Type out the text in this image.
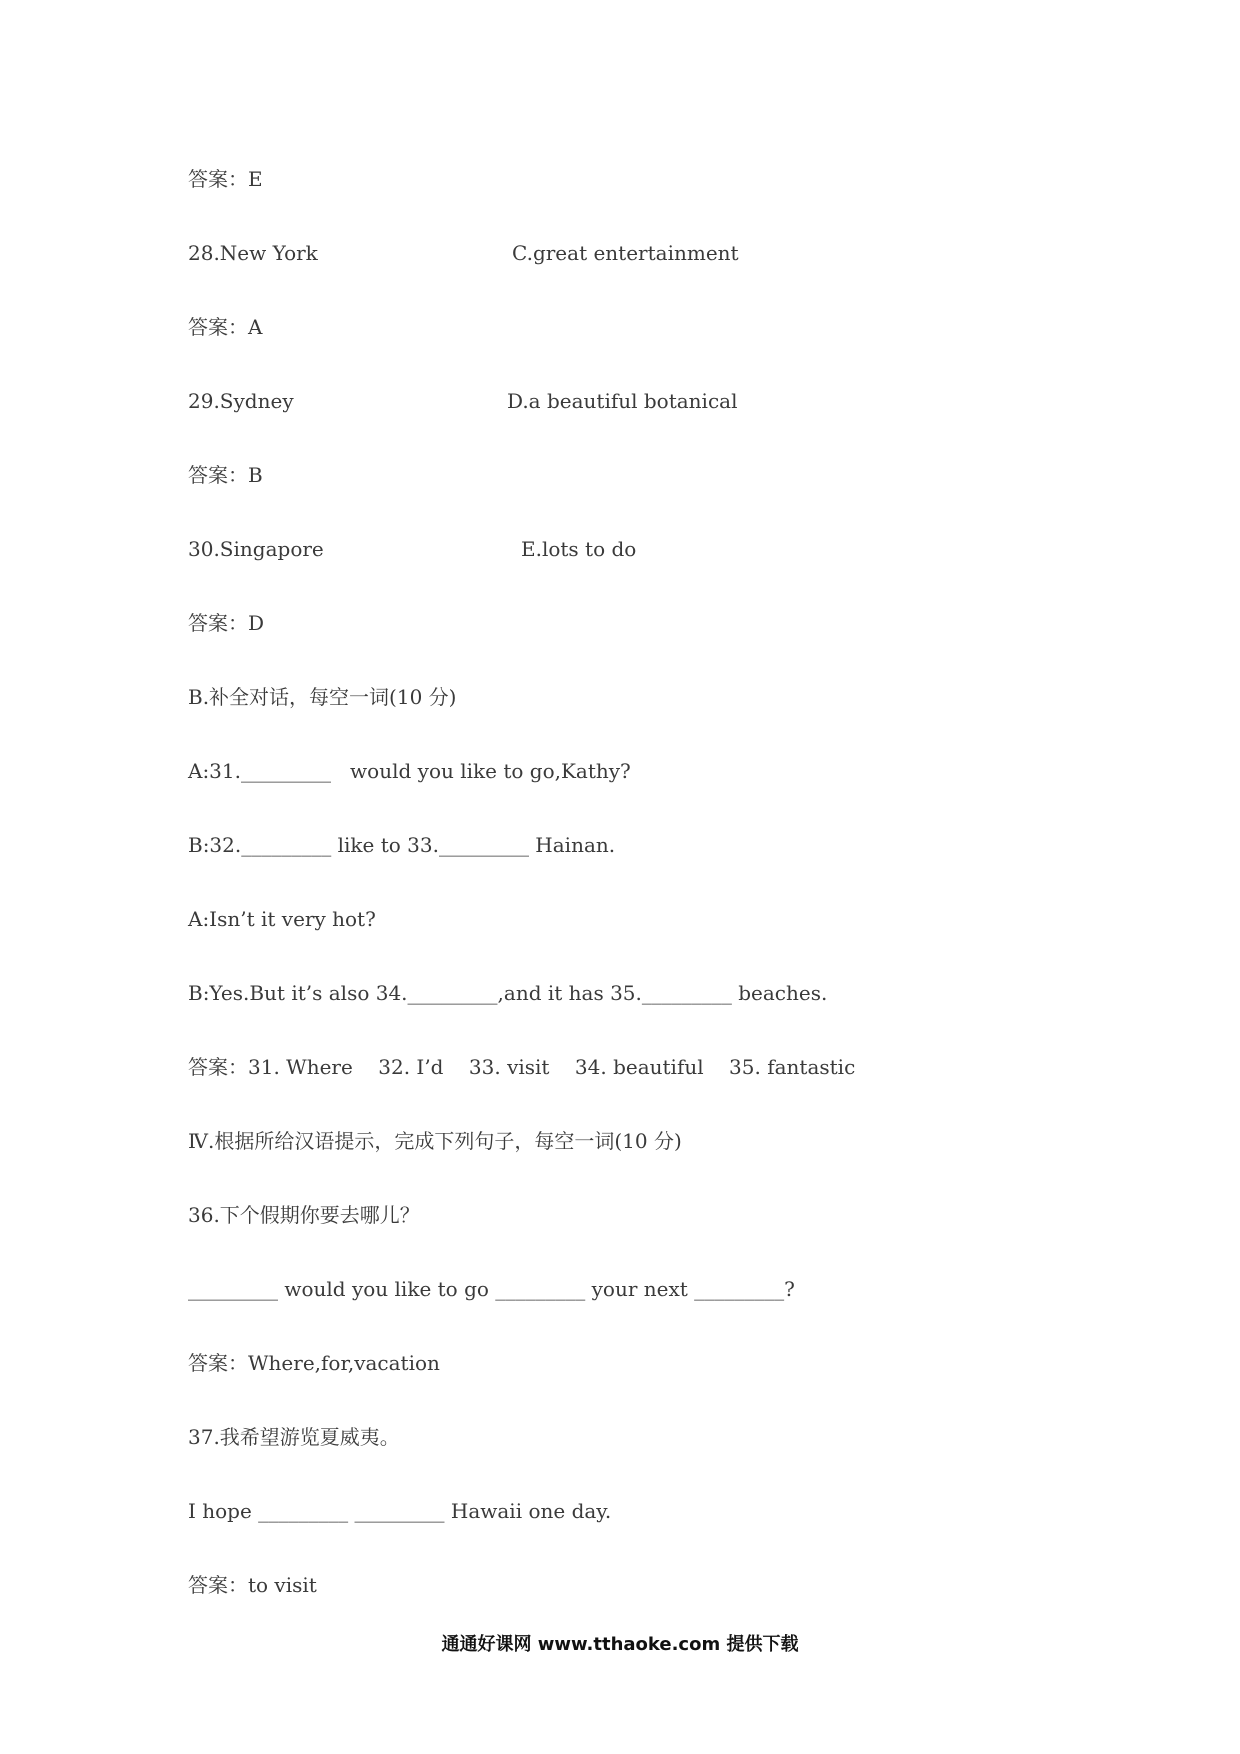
答案：E
28.New York	C.great entertainment
答案：A
29.Sydney	D.a beautiful botanical
答案：B
30.Singapore	E.lots to do
答案：D
B.补全对话，每空一词(10 分)
A:31._________   would you like to go,Kathy?
B:32._________ like to 33._________ Hainan.
A:Isn’t it very hot?
B:Yes.But it’s also 34._________,and it has 35._________ beaches.
答案：31. Where    32. I’d    33. visit    34. beautiful    35. fantastic
Ⅳ.根据所给汉语提示，完成下列句子，每空一词(10 分)
36.下个假期你要去哪儿？
_________ would you like to go _________ your next _________?
答案：Where,for,vacation
37.我希望游览夏威夷。
I hope _________ _________ Hawaii one day.
答案：to visit
通通好课网 www.tthaoke.com 提供下载
